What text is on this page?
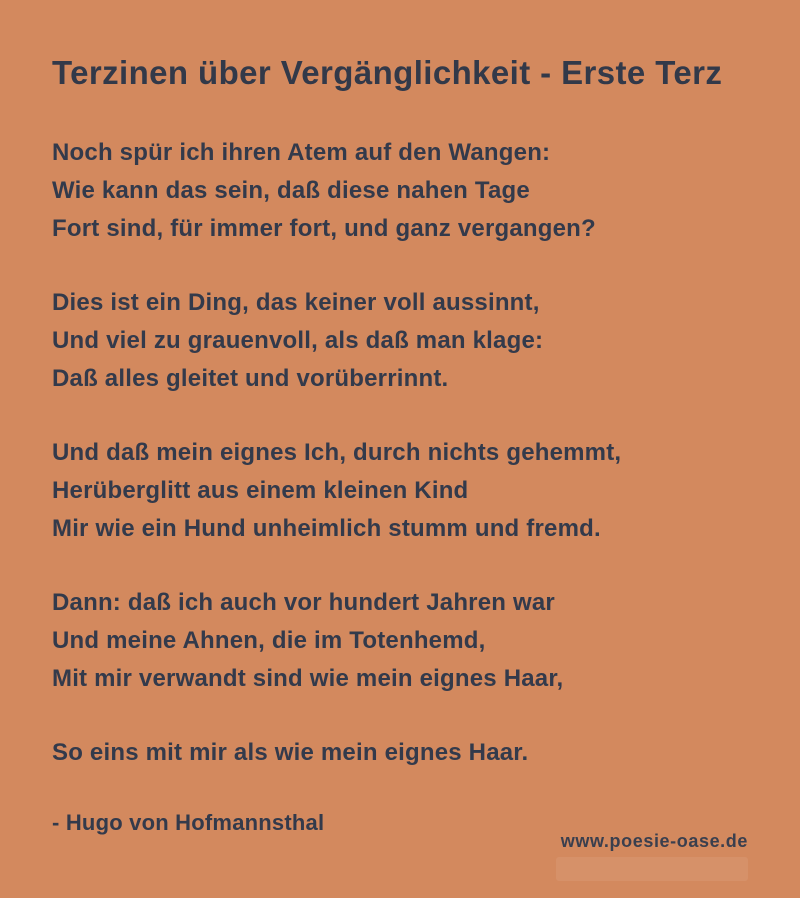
Terzinen über Vergänglichkeit - Erste Terz
Noch spür ich ihren Atem auf den Wangen:
Wie kann das sein, daß diese nahen Tage
Fort sind, für immer fort, und ganz vergangen?
Dies ist ein Ding, das keiner voll aussinnt,
Und viel zu grauenvoll, als daß man klage:
Daß alles gleitet und vorüberrinnt.
Und daß mein eignes Ich, durch nichts gehemmt,
Herüberglitt aus einem kleinen Kind
Mir wie ein Hund unheimlich stumm und fremd.
Dann: daß ich auch vor hundert Jahren war
Und meine Ahnen, die im Totenhemd,
Mit mir verwandt sind wie mein eignes Haar,
So eins mit mir als wie mein eignes Haar.
- Hugo von Hofmannsthal
www.poesie-oase.de
